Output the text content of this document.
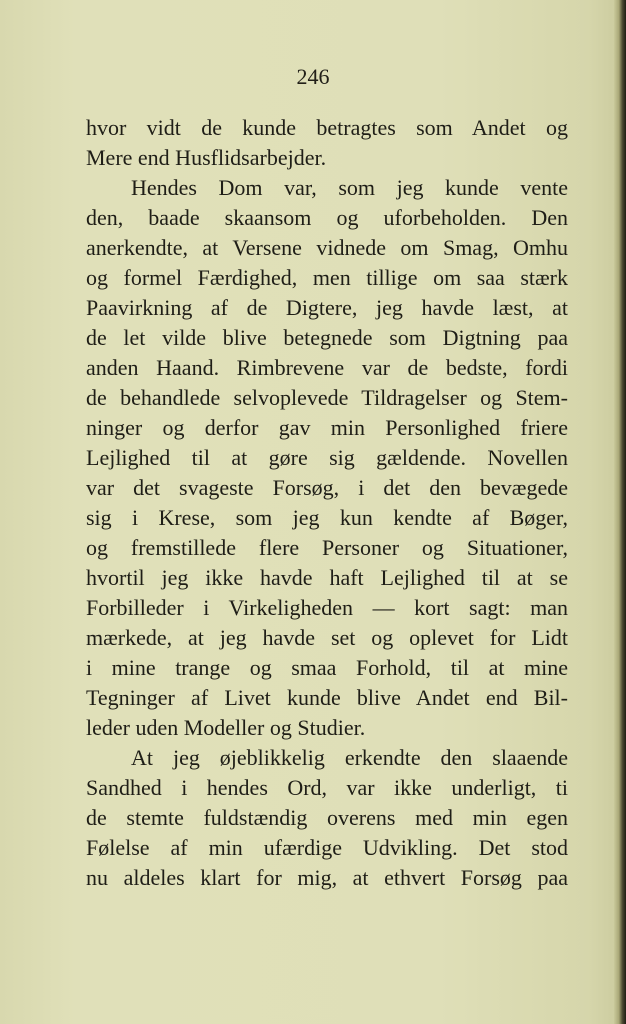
246
hvor vidt de kunde betragtes som Andet og
Mere end Husflidsarbejder.
Hendes Dom var, som jeg kunde vente
den, baade skaansom og uforbeholden. Den
anerkendte, at Versene vidnede om Smag, Omhu
og formel Færdighed, men tillige om saa stærk
Paavirkning af de Digtere, jeg havde læst, at
de let vilde blive betegnede som Digtning paa
anden Haand. Rimbrevene var de bedste, fordi
de behandlede selvoplevede Tildragelser og Stem-
ninger og derfor gav min Personlighed friere
Lejlighed til at gøre sig gældende. Novellen
var det svageste Forsøg, i det den bevægede
sig i Krese, som jeg kun kendte af Bøger,
og fremstillede flere Personer og Situationer,
hvortil jeg ikke havde haft Lejlighed til at se
Forbilleder i Virkeligheden — kort sagt: man
mærkede, at jeg havde set og oplevet for Lidt
i mine trange og smaa Forhold, til at mine
Tegninger af Livet kunde blive Andet end Bil-
leder uden Modeller og Studier.
At jeg øjeblikkelig erkendte den slaaende
Sandhed i hendes Ord, var ikke underligt, ti
de stemte fuldstændig overens med min egen
Følelse af min ufærdige Udvikling. Det stod
nu aldeles klart for mig, at ethvert Forsøg paa
